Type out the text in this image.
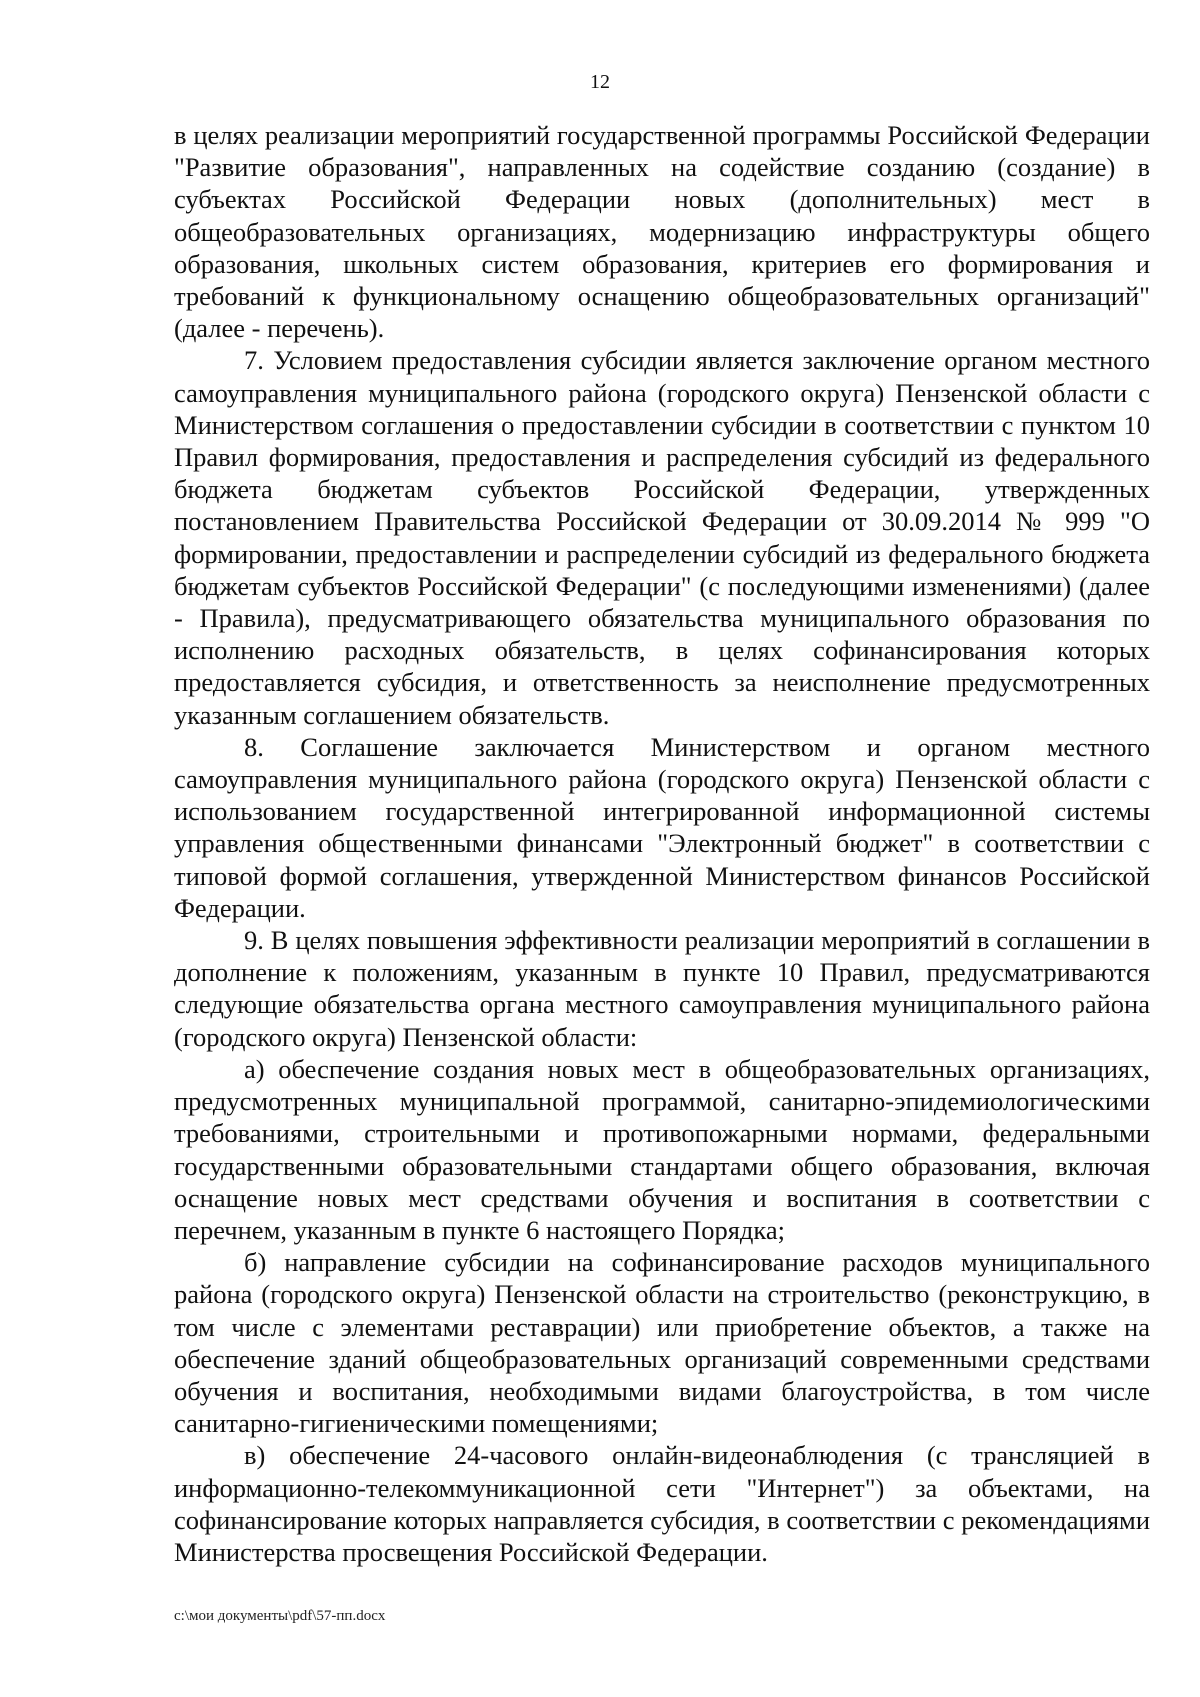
12

в целях реализации мероприятий государственной программы Российской Федерации "Развитие образования", направленных на содействие созданию (создание) в субъектах Российской Федерации новых (дополнительных) мест в общеобразовательных организациях, модернизацию инфраструктуры общего образования, школьных систем образования, критериев его формирования и требований к функциональному оснащению общеобразовательных организаций" (далее - перечень).

7. Условием предоставления субсидии является заключение органом местного самоуправления муниципального района (городского округа) Пензенской области с Министерством соглашения о предоставлении субсидии в соответствии с пунктом 10 Правил формирования, предоставления и распределения субсидий из федерального бюджета бюджетам субъектов Российской Федерации, утвержденных постановлением Правительства Российской Федерации от 30.09.2014 № 999 "О формировании, предоставлении и распределении субсидий из федерального бюджета бюджетам субъектов Российской Федерации" (с последующими изменениями) (далее - Правила), предусматривающего обязательства муниципального образования по исполнению расходных обязательств, в целях софинансирования которых предоставляется субсидия, и ответственность за неисполнение предусмотренных указанным соглашением обязательств.

8. Соглашение заключается Министерством и органом местного самоуправления муниципального района (городского округа) Пензенской области с использованием государственной интегрированной информационной системы управления общественными финансами "Электронный бюджет" в соответствии с типовой формой соглашения, утвержденной Министерством финансов Российской Федерации.

9. В целях повышения эффективности реализации мероприятий в соглашении в дополнение к положениям, указанным в пункте 10 Правил, предусматриваются следующие обязательства органа местного самоуправления муниципального района (городского округа) Пензенской области:

а) обеспечение создания новых мест в общеобразовательных организациях, предусмотренных муниципальной программой, санитарно-эпидемиологическими требованиями, строительными и противопожарными нормами, федеральными государственными образовательными стандартами общего образования, включая оснащение новых мест средствами обучения и воспитания в соответствии с перечнем, указанным в пункте 6 настоящего Порядка;

б) направление субсидии на софинансирование расходов муниципального района (городского округа) Пензенской области на строительство (реконструкцию, в том числе с элементами реставрации) или приобретение объектов, а также на обеспечение зданий общеобразовательных организаций современными средствами обучения и воспитания, необходимыми видами благоустройства, в том числе санитарно-гигиеническими помещениями;

в) обеспечение 24-часового онлайн-видеонаблюдения (с трансляцией в информационно-телекоммуникационной сети "Интернет") за объектами, на софинансирование которых направляется субсидия, в соответствии с рекомендациями Министерства просвещения Российской Федерации.

c:\мои документы\pdf\57-пп.docx
